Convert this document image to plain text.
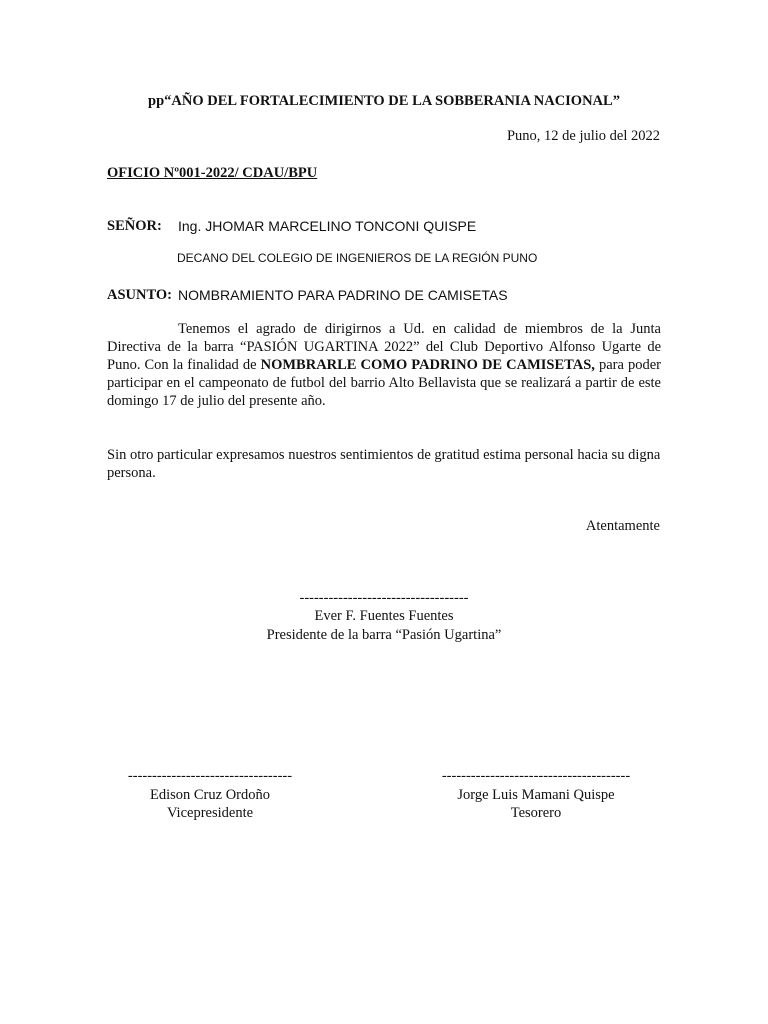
pp“AÑO DEL FORTALECIMIENTO DE LA SOBBERANIA NACIONAL”
Puno, 12 de julio del 2022
OFICIO Nº001-2022/ CDAU/BPU
SEÑOR: Ing. JHOMAR MARCELINO TONCONI QUISPE
DECANO DEL COLEGIO DE INGENIEROS DE LA REGIÓN PUNO
ASUNTO: NOMBRAMIENTO PARA PADRINO DE CAMISETAS
Tenemos el agrado de dirigirnos a Ud. en calidad de miembros de la Junta Directiva de la barra “PASIÓN UGARTINA 2022” del Club Deportivo Alfonso Ugarte de Puno. Con la finalidad de NOMBRARLE COMO PADRINO DE CAMISETAS, para poder participar en el campeonato de futbol del barrio Alto Bellavista que se realizará a partir de este domingo 17 de julio del presente año.
Sin otro particular expresamos nuestros sentimientos de gratitud estima personal hacia su digna persona.
Atentamente
-----------------------------------
Ever F. Fuentes Fuentes
Presidente de la barra “Pasión Ugartina”
----------------------------------
Edison Cruz Ordoño
Vicepresidente
---------------------------------------
Jorge Luis Mamani Quispe
Tesorero
